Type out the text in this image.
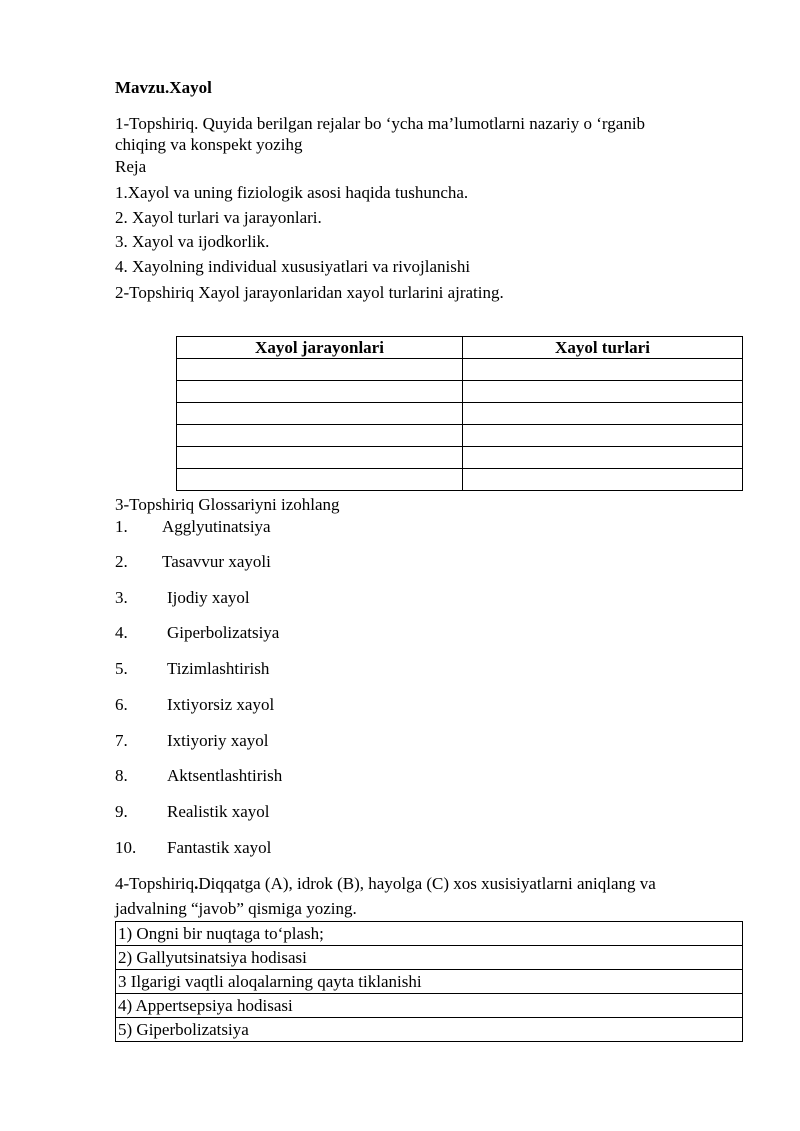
Mavzu.Xayol
1-Topshiriq. Quyida berilgan rejalar bo ‘ycha ma’lumotlarni nazariy o ‘rganib
chiqing va konspekt yozihg
Reja
1.Xayol va uning fiziologik asosi haqida tushuncha.
2. Xayol turlari va jarayonlari.
3. Xayol va ijodkorlik.
4. Xayolning individual xususiyatlari va rivojlanishi
2-Topshiriq Xayol jarayonlaridan xayol turlarini ajrating.
Xayol jarayonlari	Xayol turlari

3-Topshiriq Glossariyni izohlang
1. Agglyutinatsiya
2. Tasavvur xayoli
3. Ijodiy xayol
4. Giperbolizatsiya
5. Tizimlashtirish
6. Ixtiyorsiz xayol
7. Ixtiyoriy xayol
8. Aktsentlashtirish
9. Realistik xayol
10. Fantastik xayol
4-Topshiriq.Diqqatga (A), idrok (B), hayolga (C) xos xusisiyatlarni aniqlang va
jadvalning “javob” qismiga yozing.
1) Ongni bir nuqtaga to‘plash;
2) Gallyutsinatsiya hodisasi
3 Ilgarigi vaqtli aloqalarning qayta tiklanishi
4) Appertsepsiya hodisasi
5) Giperbolizatsiya
